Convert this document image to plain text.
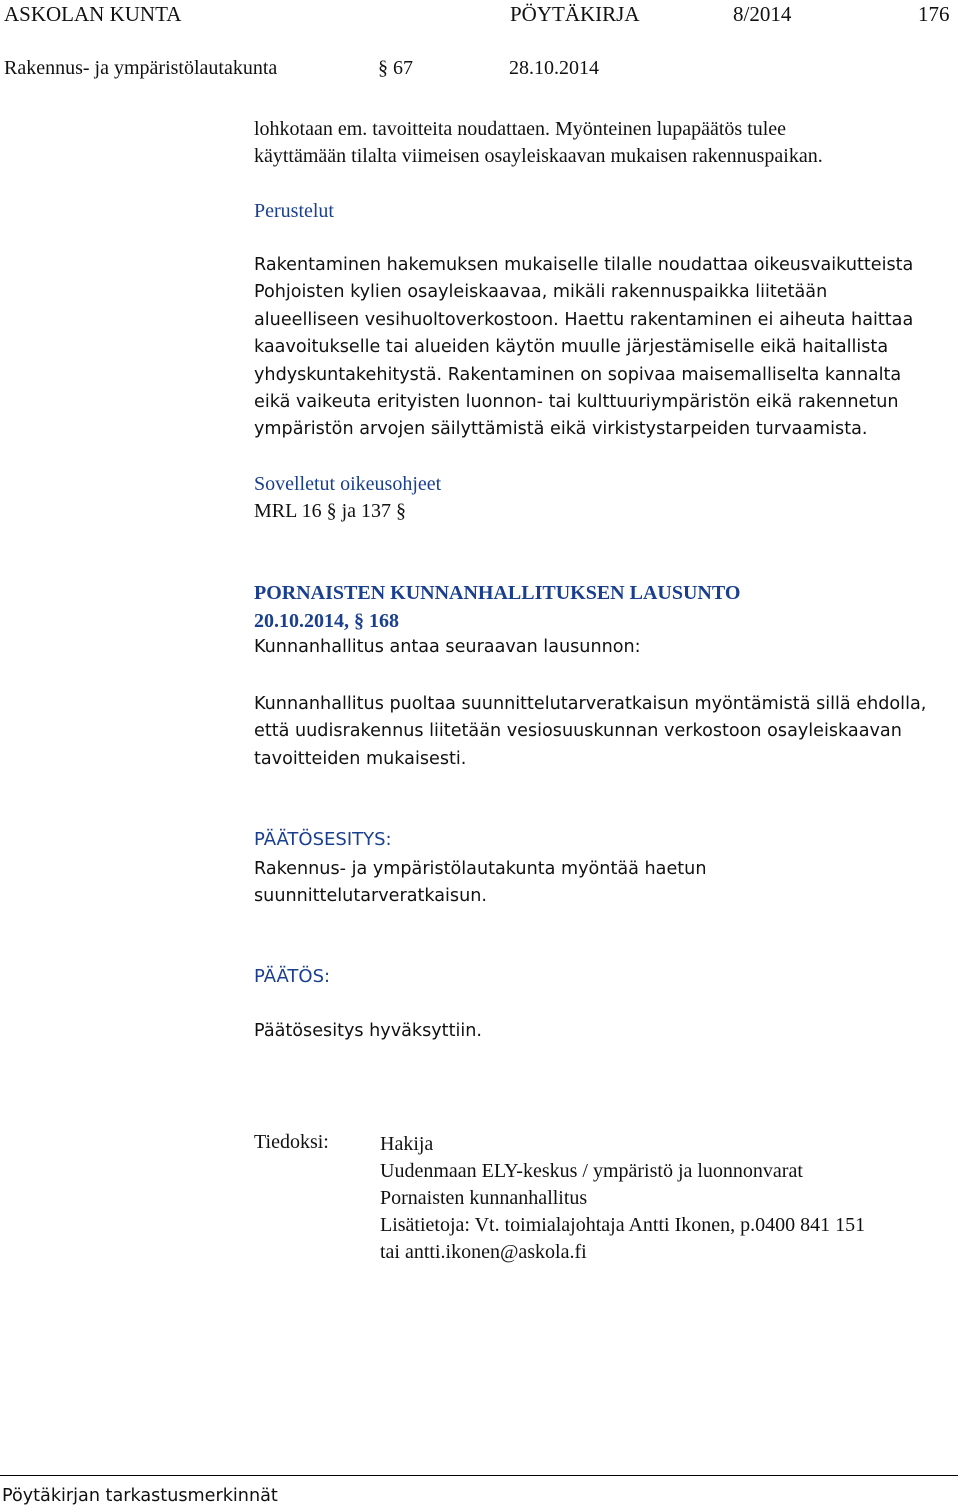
ASKOLAN KUNTA	PÖYTÄKIRJA	8/2014	176
Rakennus- ja ympäristölautakunta	§ 67	28.10.2014
lohkotaan em. tavoitteita noudattaen. Myönteinen lupapäätös tulee
käyttämään tilalta viimeisen osayleiskaavan mukaisen rakennuspaikan.
Perustelut
Rakentaminen hakemuksen mukaiselle tilalle noudattaa oikeusvaikutteista
Pohjoisten kylien osayleiskaavaa, mikäli rakennuspaikka liitetään
alueelliseen vesihuoltoverkostoon. Haettu rakentaminen ei aiheuta haittaa
kaavoitukselle tai alueiden käytön muulle järjestämiselle eikä haitallista
yhdyskuntakehitystä. Rakentaminen on sopivaa maisemalliselta kannalta
eikä vaikeuta erityisten luonnon- tai kulttuuriympäristön eikä rakennetun
ympäristön arvojen säilyttämistä eikä virkistystarpeiden turvaamista.
Sovelletut oikeusohjeet
MRL 16 § ja 137 §
PORNAISTEN KUNNANHALLITUKSEN LAUSUNTO
20.10.2014, § 168
Kunnanhallitus antaa seuraavan lausunnon:
Kunnanhallitus puoltaa suunnittelutarveratkaisun myöntämistä sillä ehdolla,
että uudisrakennus liitetään vesiosuuskunnan verkostoon osayleiskaavan
tavoitteiden mukaisesti.
PÄÄTÖSESITYS:
Rakennus- ja ympäristölautakunta myöntää haetun
suunnittelutarveratkaisun.
PÄÄTÖS:
Päätösesitys hyväksyttiin.
Tiedoksi:	Hakija
Uudenmaan ELY-keskus / ympäristö ja luonnonvarat
Pornaisten kunnanhallitus
Lisätietoja: Vt. toimialajohtaja Antti Ikonen, p.0400 841 151
tai antti.ikonen@askola.fi
Pöytäkirjan tarkastusmerkinnät
